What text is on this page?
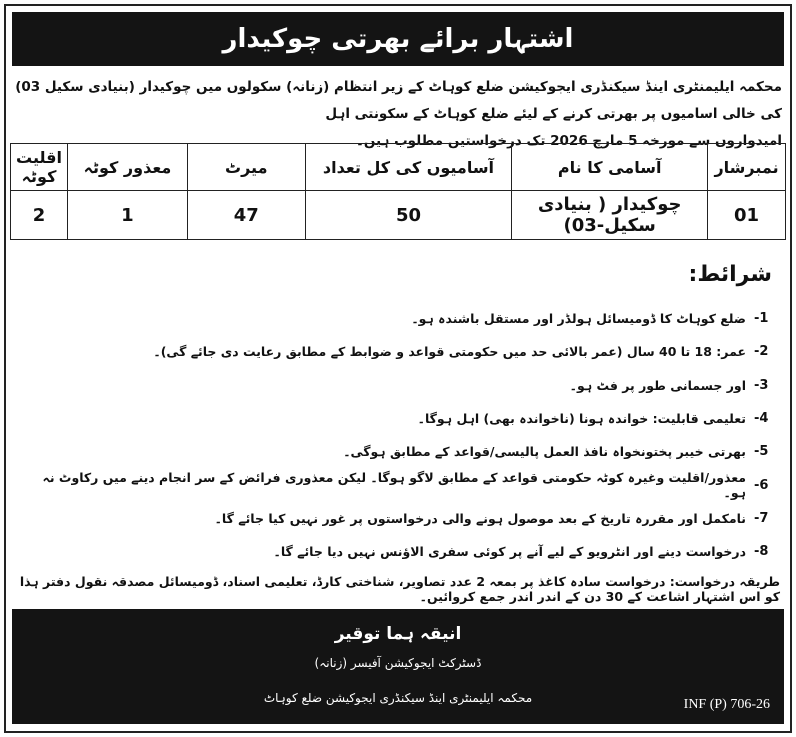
اشتہار برائے بھرتی چوکیدار
محکمہ ایلیمنٹری اینڈ سیکنڈری ایجوکیشن ضلع کوہاٹ کے زیر انتظام (زنانہ) سکولوں میں چوکیدار (بنیادی سکیل 03) کی خالی اسامیوں پر بھرتی کرنے کے لیئے ضلع کوہاٹ کے سکونتی اہل
امیدواروں سے مورخہ 5 مارچ 2026 تک درخواستیں مطلوب ہیں۔
نمبرشار	آسامی کا نام	آسامیوں کی کل تعداد	میرٹ	معذور کوٹہ	اقلیت کوٹہ
01	چوکیدار ( بنیادی سکیل-03)	50	47	1	2
شرائط:
-1
ضلع کوہاٹ کا ڈومیسائل ہولڈر اور مستقل باشندہ ہو۔
-2
عمر: 18 تا 40 سال (عمر بالائی حد میں حکومتی قواعد و ضوابط کے مطابق رعایت دی جائے گی)۔
-3
اور جسمانی طور پر فٹ ہو۔
-4
تعلیمی قابلیت: خواندہ ہونا (ناخواندہ بھی) اہل ہوگا۔
-5
بھرتی خیبر پختونخواہ نافذ العمل پالیسی/قواعد کے مطابق ہوگی۔
-6
معذور/اقلیت وغیرہ کوٹہ حکومتی قواعد کے مطابق لاگو ہوگا۔ لیکن معذوری فرائض کے سر انجام دینے میں رکاوٹ نہ ہو۔
-7
نامکمل اور مقررہ تاریخ کے بعد موصول ہونے والی درخواستوں پر غور نہیں کیا جائے گا۔
-8
درخواست دینے اور انٹرویو کے لیے آنے پر کوئی سفری الاؤنس نہیں دیا جائے گا۔
طریقہ درخواست: درخواست سادہ کاغذ پر بمعہ 2 عدد تصاویر، شناختی کارڈ، تعلیمی اسناد، ڈومیسائل مصدقہ نقول دفتر ہذا کو اس اشتہار اشاعت کے 30 دن کے اندر اندر جمع کروائیں۔
انیقہ ہما توقیر
ڈسٹرکٹ ایجوکیشن آفیسر (زنانہ)
محکمہ ایلیمنٹری اینڈ سیکنڈری ایجوکیشن ضلع کوہاٹ	INF (P) 706-26
